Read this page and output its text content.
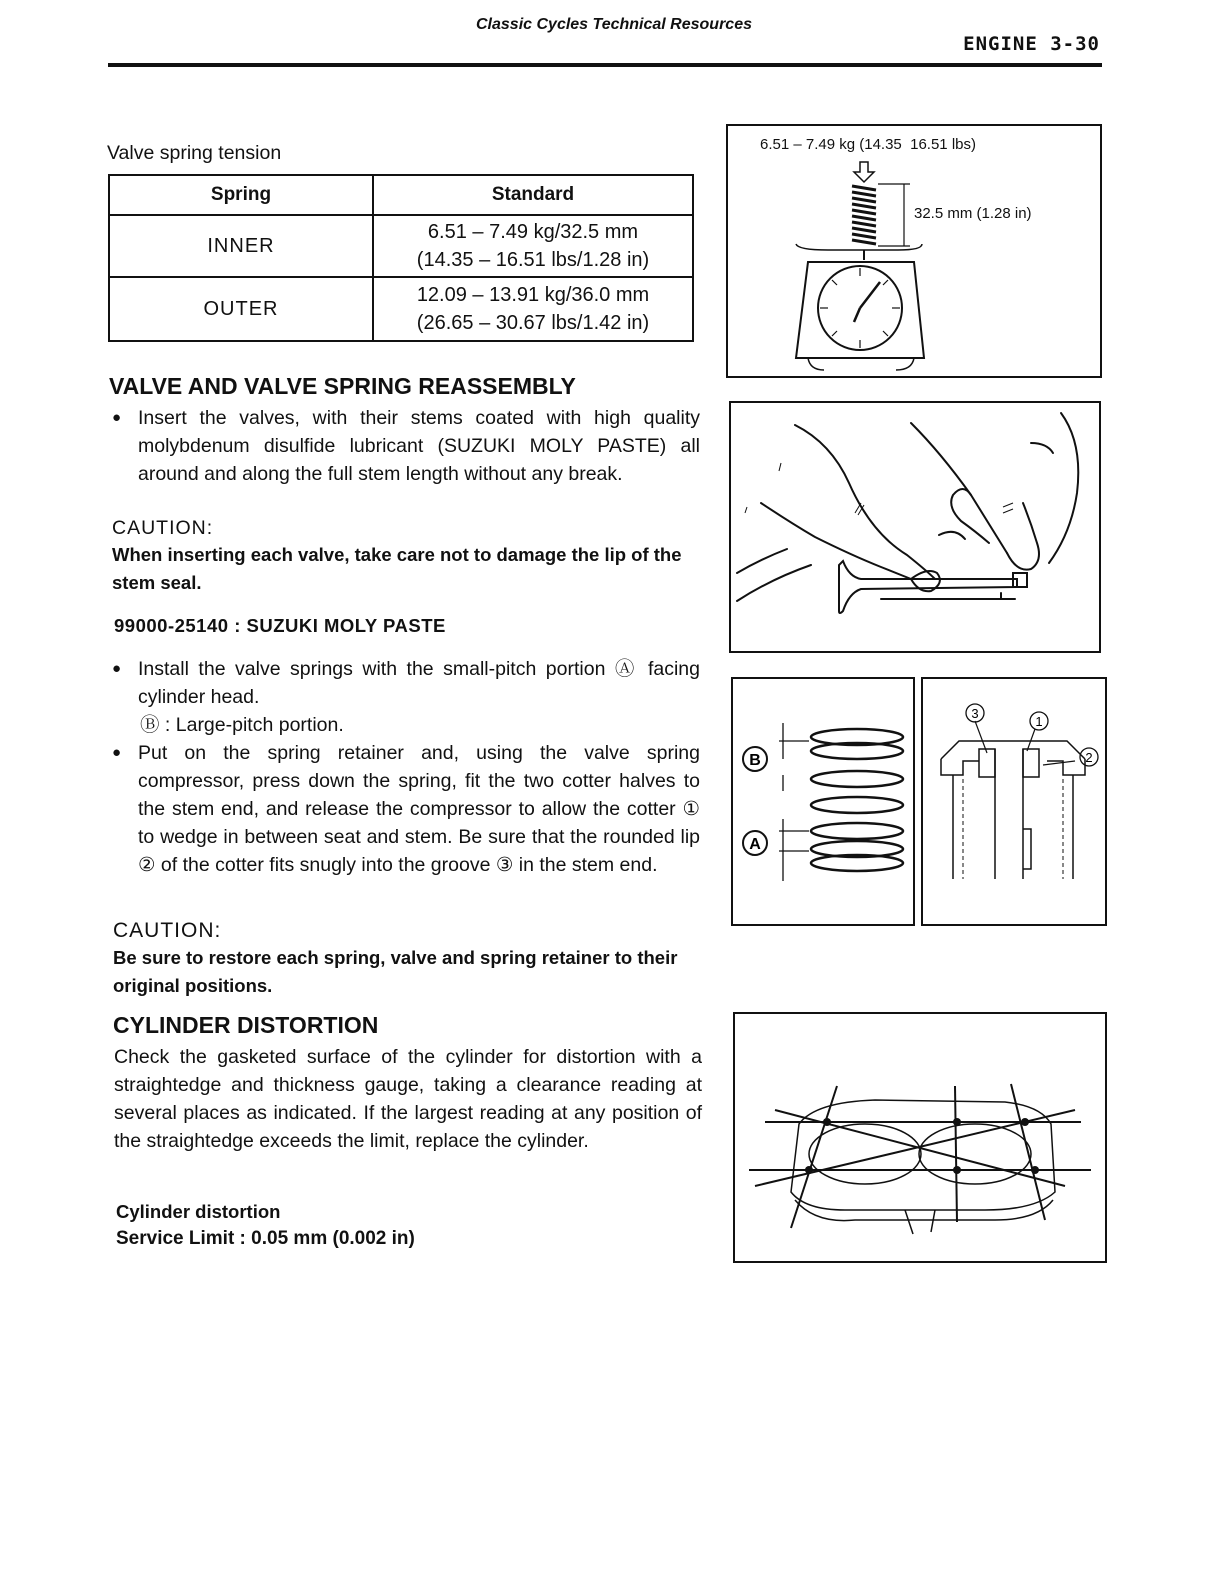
Classic Cycles Technical Resources
ENGINE 3-30
Valve spring tension
Spring	Standard
INNER	6.51 – 7.49 kg/32.5 mm
(14.35 – 16.51 lbs/1.28 in)

OUTER	12.09 – 13.91 kg/36.0 mm
(26.65 – 30.67 lbs/1.42 in)
VALVE AND VALVE SPRING REASSEMBLY
● Insert the valves, with their stems coated with high quality molybdenum disulfide lubricant (SUZUKI MOLY PASTE) all around and along the full stem length without any break.
CAUTION:
When inserting each valve, take care not to damage the lip of the stem seal.
99000-25140 : SUZUKI MOLY PASTE
● Install the valve springs with the small-pitch portion Ⓐ facing cylinder head.
Ⓑ : Large-pitch portion.
● Put on the spring retainer and, using the valve spring compressor, press down the spring, fit the two cotter halves to the stem end, and release the compressor to allow the cotter ① to wedge in between seat and stem. Be sure that the rounded lip ② of the cotter fits snugly into the groove ③ in the stem end.
CAUTION:
Be sure to restore each spring, valve and spring retainer to their original positions.
CYLINDER DISTORTION
Check the gasketed surface of the cylinder for distortion with a straightedge and thickness gauge, taking a clearance reading at several places as indicated. If the largest reading at any position of the straightedge exceeds the limit, replace the cylinder.
Cylinder distortion
Service Limit : 0.05 mm (0.002 in)
6.51 – 7.49 kg (14.35  16.51 lbs)
32.5 mm (1.28 in)
B
A
3
1
2
